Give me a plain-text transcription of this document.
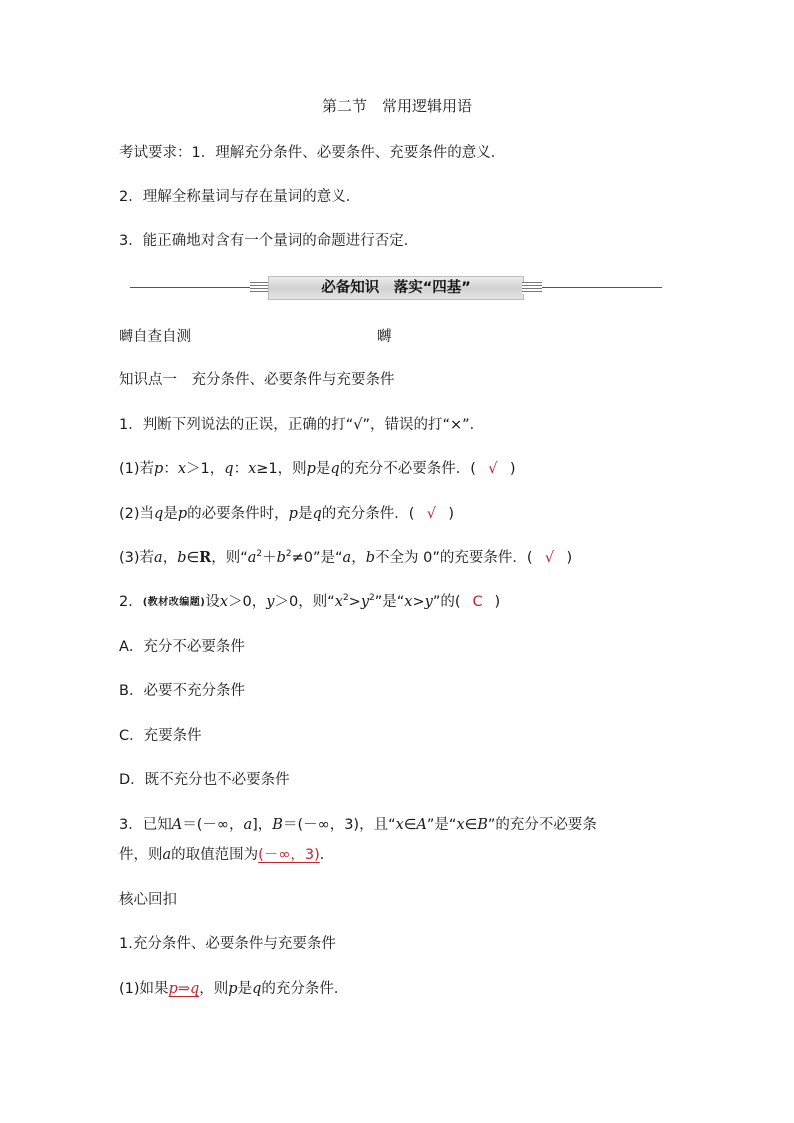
第二节　常用逻辑用语
考试要求：1．理解充分条件、必要条件、充要条件的意义．
2．理解全称量词与存在量词的意义．
3．能正确地对含有一个量词的命题进行否定．
必备知识　落实“四基”
嚩自查自测	嚩
知识点一　充分条件、必要条件与充要条件
1．判断下列说法的正误，正确的打“√”，错误的打“×”．
(1)若p：x＞1，q：x≥1，则p是q的充分不必要条件．( √ )
(2)当q是p的必要条件时，p是q的充分条件．( √ )
(3)若a，b∈R，则“$a^2+b^2\ne 0$”是“a，b不全为 0”的充要条件．( √ )
2．(教材改编题)设x＞0，y＞0，则“$x^2>y^2$”是“x>y”的( C )
A．充分不必要条件
B．必要不充分条件
C．充要条件
D．既不充分也不必要条件
3．已知A＝(－∞，a]，B＝(－∞，3)，且“x∈A”是“x∈B”的充分不必要条
件，则a的取值范围为(－∞，3)．
核心回扣
1.充分条件、必要条件与充要条件
(1)如果p⇒q，则p是q的充分条件．
